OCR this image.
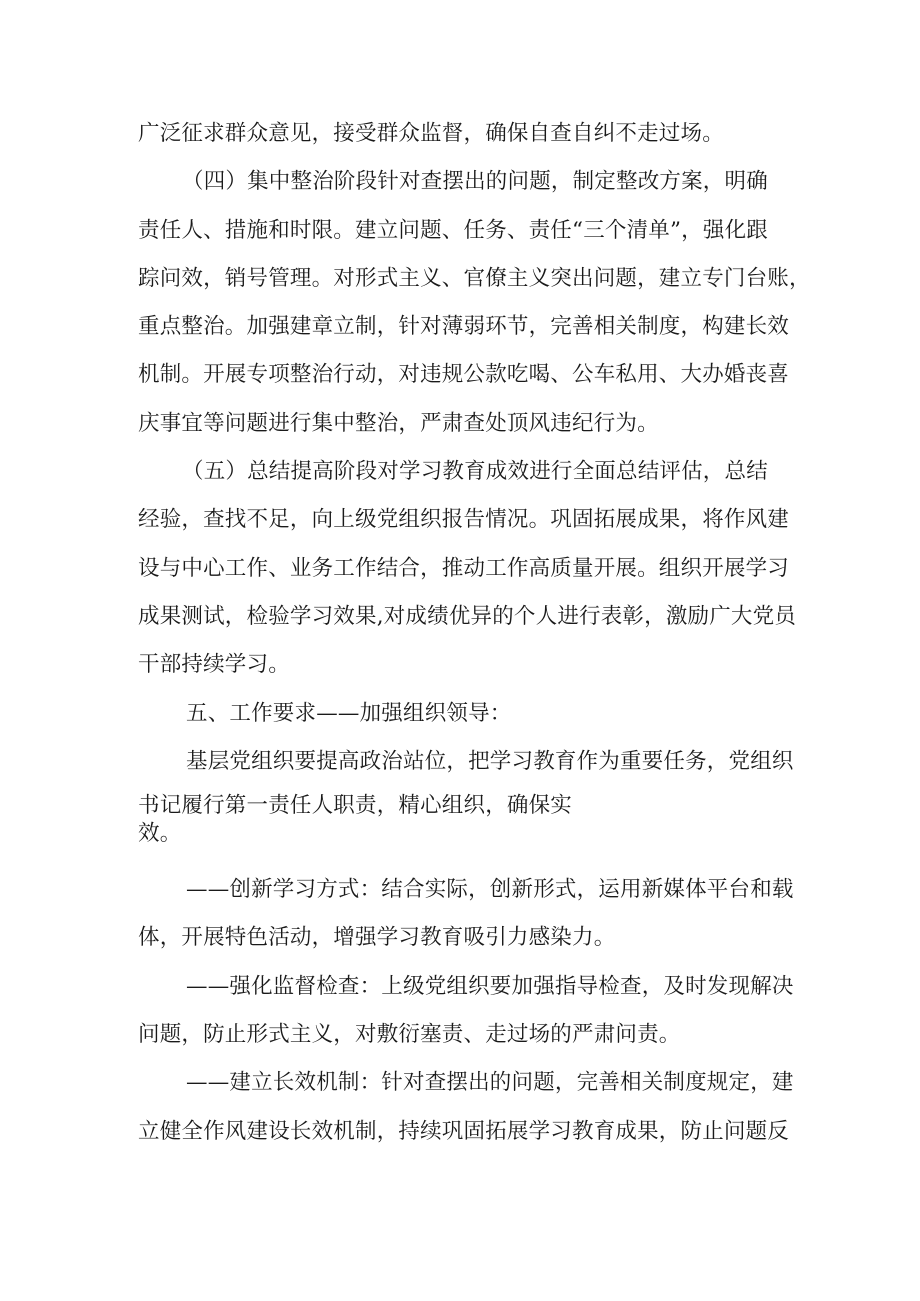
广泛征求群众意见，接受群众监督，确保自查自纠不走过场。
（四）集中整治阶段针对查摆出的问题，制定整改方案，明确
责任人、措施和时限。建立问题、任务、责任“三个清单”，强化跟
踪问效，销号管理。对形式主义、官僚主义突出问题，建立专门台账，
重点整治。加强建章立制，针对薄弱环节，完善相关制度，构建长效
机制。开展专项整治行动，对违规公款吃喝、公车私用、大办婚丧喜
庆事宜等问题进行集中整治，严肃查处顶风违纪行为。
（五）总结提高阶段对学习教育成效进行全面总结评估，总结
经验，查找不足，向上级党组织报告情况。巩固拓展成果，将作风建
设与中心工作、业务工作结合，推动工作高质量开展。组织开展学习
成果测试，检验学习效果,对成绩优异的个人进行表彰，激励广大党员
干部持续学习。
五、工作要求——加强组织领导：
基层党组织要提高政治站位，把学习教育作为重要任务，党组织
书记履行第一责任人职责，精心组织，确保实
效。
——创新学习方式：结合实际，创新形式，运用新媒体平台和载
体，开展特色活动，增强学习教育吸引力感染力。
——强化监督检查：上级党组织要加强指导检查，及时发现解决
问题，防止形式主义，对敷衍塞责、走过场的严肃问责。
——建立长效机制：针对查摆出的问题，完善相关制度规定，建
立健全作风建设长效机制，持续巩固拓展学习教育成果，防止问题反
